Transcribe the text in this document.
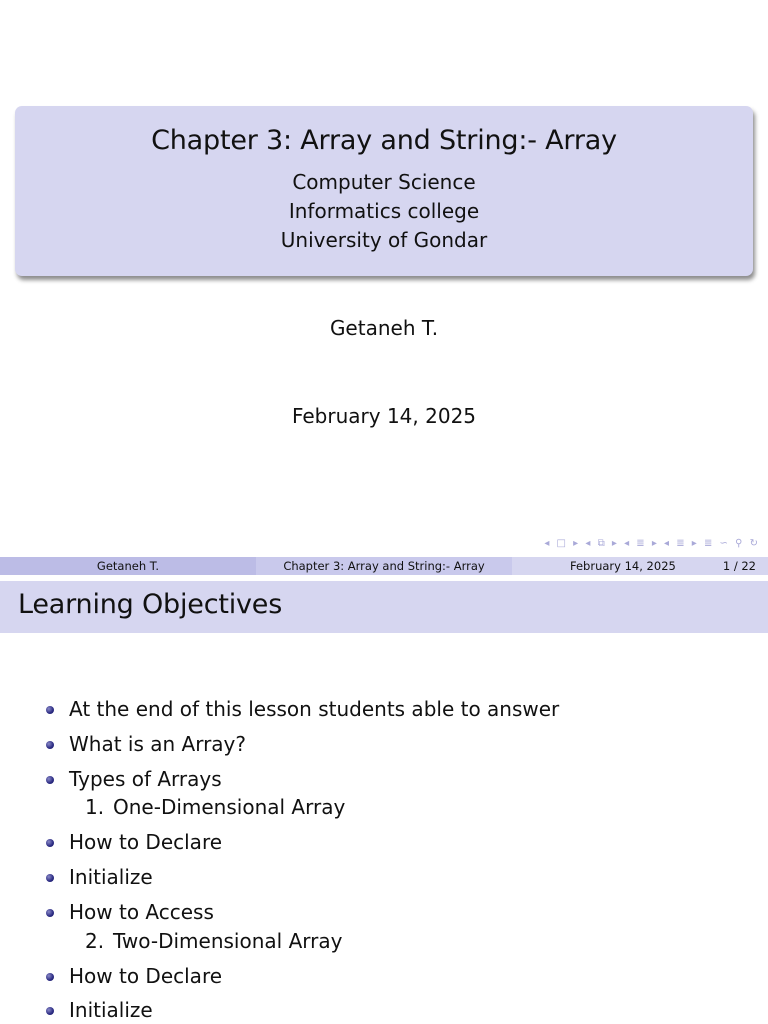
Chapter 3: Array and String:- Array
Computer Science
Informatics college
University of Gondar
Getaneh T.
February 14, 2025
◂ □ ▸ ◂ ⧉ ▸ ◂ ≣ ▸ ◂ ≣ ▸ ≣ ∽ ⚲ ↻
Getaneh T.	Chapter 3: Array and String:- Array	February 14, 2025	1 / 22
Learning Objectives
At the end of this lesson students able to answer
What is an Array?
Types of Arrays
1. One-Dimensional Array
How to Declare
Initialize
How to Access
2. Two-Dimensional Array
How to Declare
Initialize
